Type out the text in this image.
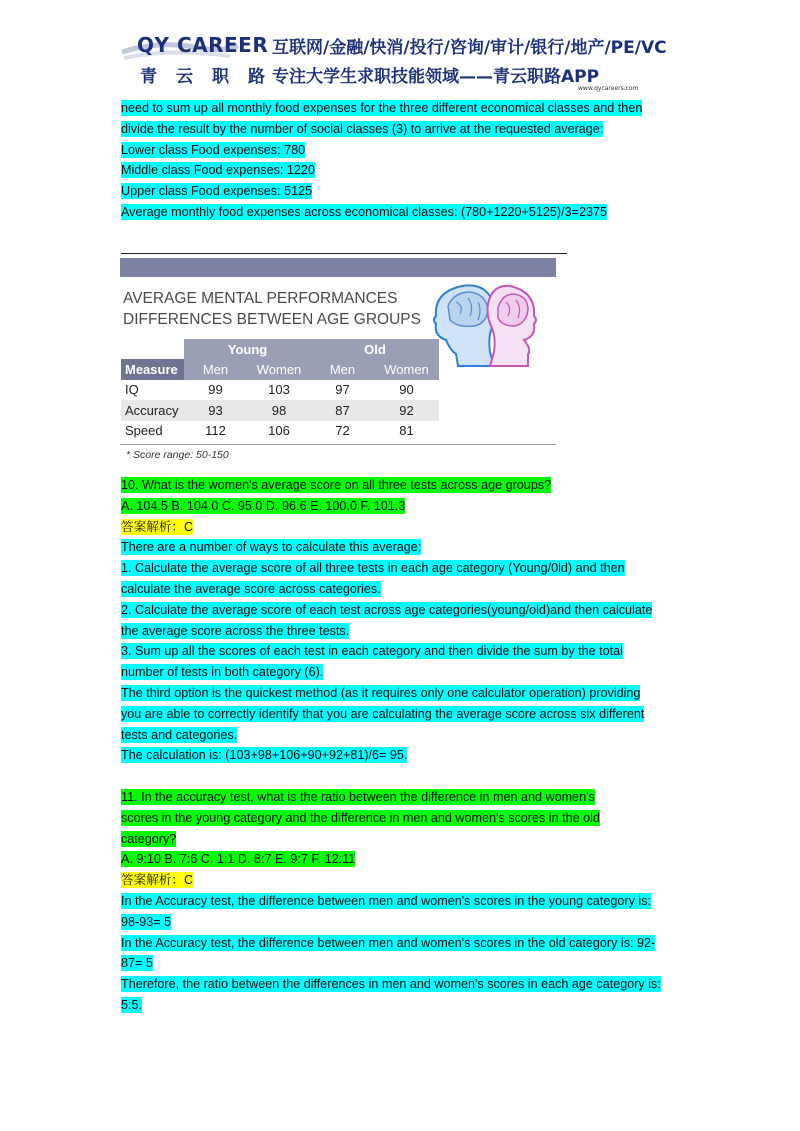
QY CAREER
青云职路
互联网/金融/快消/投行/咨询/审计/银行/地产/PE/VC
专注大学生求职技能领域——青云职路APP
www.qycareers.com
need to sum up all monthly food expenses for the three different economical classes and then
divide the result by the number of social classes (3) to arrive at the requested average:
Lower class Food expenses: 780
Middle class Food expenses: 1220
Upper class Food expenses: 5125
Average monthly food expenses across economical classes: (780+1220+5125)/3=2375
AVERAGE MENTAL PERFORMANCES
DIFFERENCES BETWEEN AGE GROUPS
	Young		Old	
Measure	Men	Women	Men	Women
IQ	99	103	97	90
Accuracy	93	98	87	92
Speed	112	106	72	81
* Score range: 50-150
10. What is the women's average score on all three tests across age groups?
A. 104.5 B. 104.0 C. 95.0 D. 96.6 E. 100.0 F. 101.3
答案解析：C
There are a number of ways to calculate this average:
1. Calculate the average score of all three tests in each age category (Young/0ld) and then
calculate the average score across categories.
2. Calculate the average score of each test across age categories(young/old)and then calculate
the average score across the three tests.
3. Sum up all the scores of each test in each category and then divide the sum by the total
number of tests in both category (6).
The third option is the quickest method (as it requires only one calculator operation) providing
you are able to correctly identify that you are calculating the average score across six different
tests and categories.
The calculation is: (103+98+106+90+92+81)/6= 95.
11. In the accuracy test, what is the ratio between the difference in men and women's
scores in the young category and the difference in men and women's scores in the old
category?
A. 9:10 B. 7:6 C. 1:1 D. 8:7 E. 9:7 F. 12:11
答案解析：C
In the Accuracy test, the difference between men and women's scores in the young category is:
98-93= 5
In the Accuracy test, the difference between men and women's scores in the old category is: 92-
87= 5
Therefore, the ratio between the differences in men and women's scores in each age category is:
5:5.
